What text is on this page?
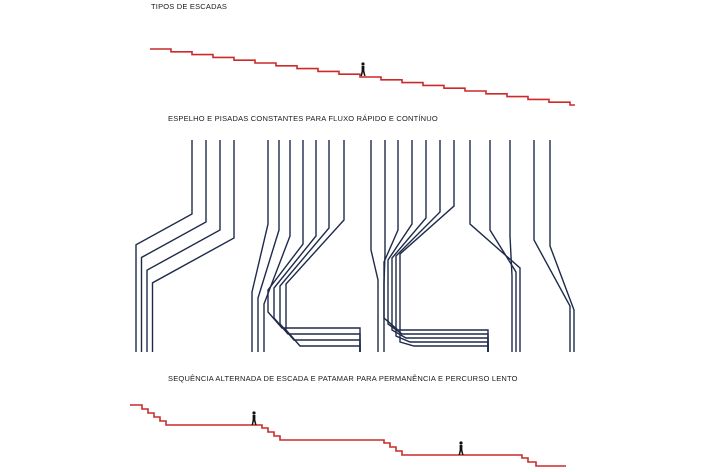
TIPOS DE ESCADAS
ESPELHO E PISADAS CONSTANTES PARA FLUXO RÁPIDO E CONTÍNUO
SEQUÊNCIA ALTERNADA DE ESCADA E PATAMAR PARA PERMANÊNCIA E PERCURSO LENTO
